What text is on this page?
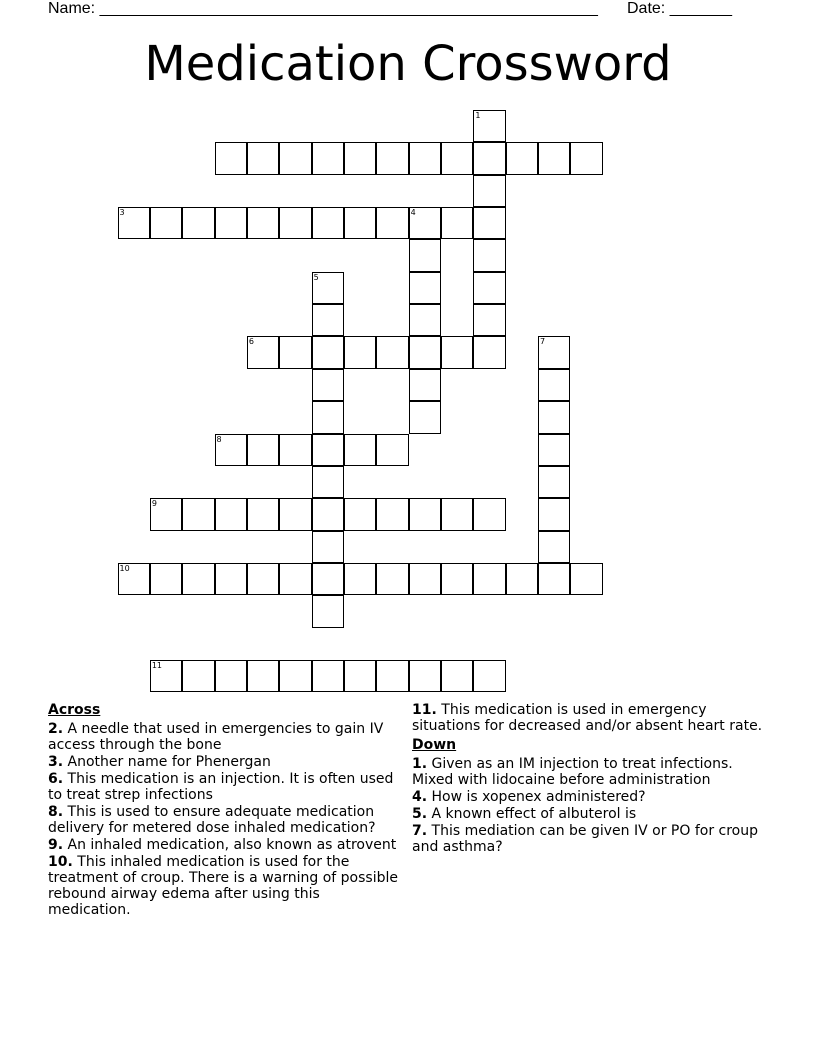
Name: ________________________________________________________ Date: _______
Medication Crossword
1
3	4
5
6	7
8
9
10
11
Across
2. A needle that used in emergencies to gain IV access through the bone
3. Another name for Phenergan
6. This medication is an injection. It is often used to treat strep infections
8. This is used to ensure adequate medication delivery for metered dose inhaled medication?
9. An inhaled medication, also known as atrovent
10. This inhaled medication is used for the treatment of croup. There is a warning of possible rebound airway edema after using this medication.
11. This medication is used in emergency situations for decreased and/or absent heart rate.
Down
1. Given as an IM injection to treat infections. Mixed with lidocaine before administration
4. How is xopenex administered?
5. A known effect of albuterol is
7. This mediation can be given IV or PO for croup and asthma?
